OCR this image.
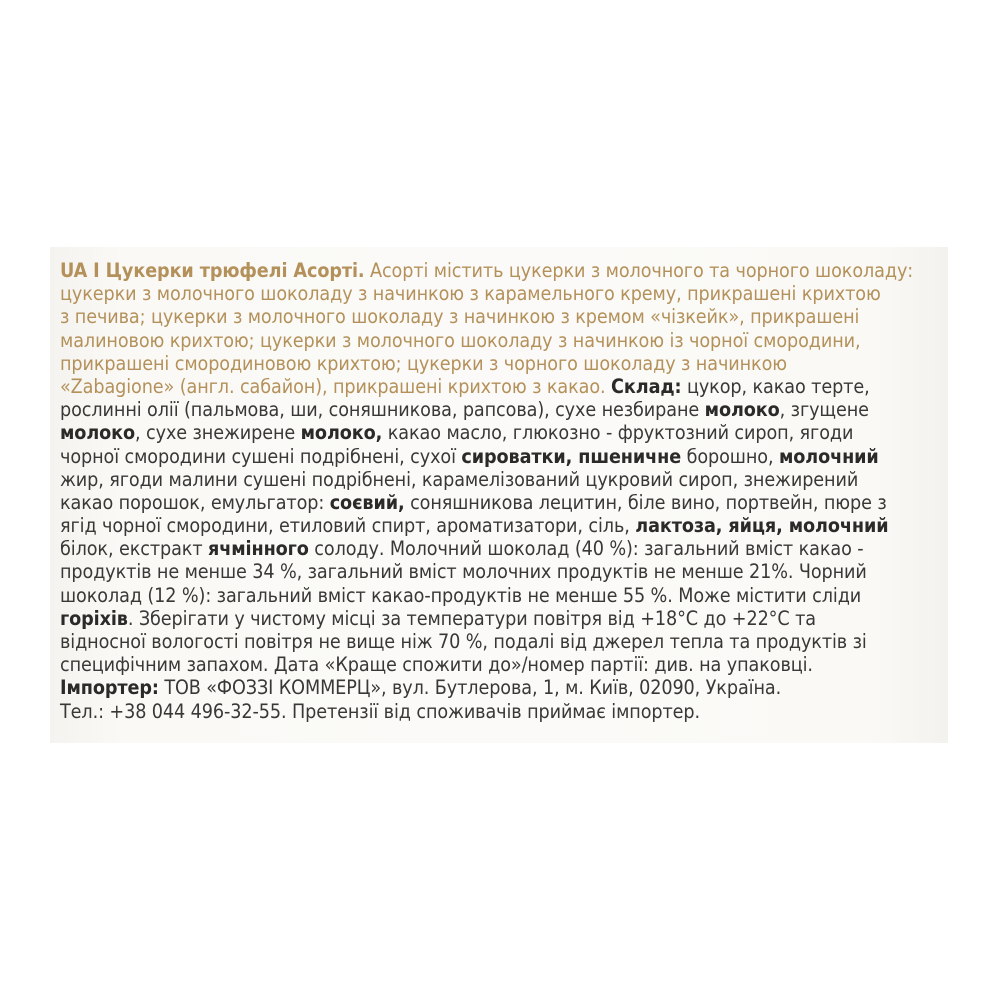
UA I Цукерки трюфелі Асорті. Асорті містить цукерки з молочного та чорного шоколаду:
цукерки з молочного шоколаду з начинкою з карамельного крему, прикрашені крихтою
з печива; цукерки з молочного шоколаду з начинкою з кремом «чізкейк», прикрашені
малиновою крихтою; цукерки з молочного шоколаду з начинкою із чорної смородини,
прикрашені смородиновою крихтою; цукерки з чорного шоколаду з начинкою
«Zabagione» (англ. сабайон), прикрашені крихтою з какао. Склад: цукор, какао терте,
рослинні олії (пальмова, ши, соняшникова, рапсова), сухе незбиране молоко, згущене
молоко, сухе знежирене молоко, какао масло, глюкозно - фруктозний сироп, ягоди
чорної смородини сушені подрібнені, сухої сироватки, пшеничне борошно, молочний
жир, ягоди малини сушені подрібнені, карамелізований цукровий сироп, знежирений
какао порошок, емульгатор: соєвий, соняшникова лецитин, біле вино, портвейн, пюре з
ягід чорної смородини, етиловий спирт, ароматизатори, сіль, лактоза, яйця, молочний
білок, екстракт ячмінного солоду. Молочний шоколад (40 %): загальний вміст какао -
продуктів не менше 34 %, загальний вміст молочних продуктів не менше 21%. Чорний
шоколад (12 %): загальний вміст какао-продуктів не менше 55 %. Може містити сліди
горіхів. Зберігати у чистому місці за температури повітря від +18°С до +22°С та
відносної вологості повітря не вище ніж 70 %, подалі від джерел тепла та продуктів зі
специфічним запахом. Дата «Краще спожити до»/номер партії: див. на упаковці.
Імпортер: ТОВ «ФОЗЗІ КОММЕРЦ», вул. Бутлерова, 1, м. Київ, 02090, Україна.
Тел.: +38 044 496-32-55. Претензії від споживачів приймає імпортер.
